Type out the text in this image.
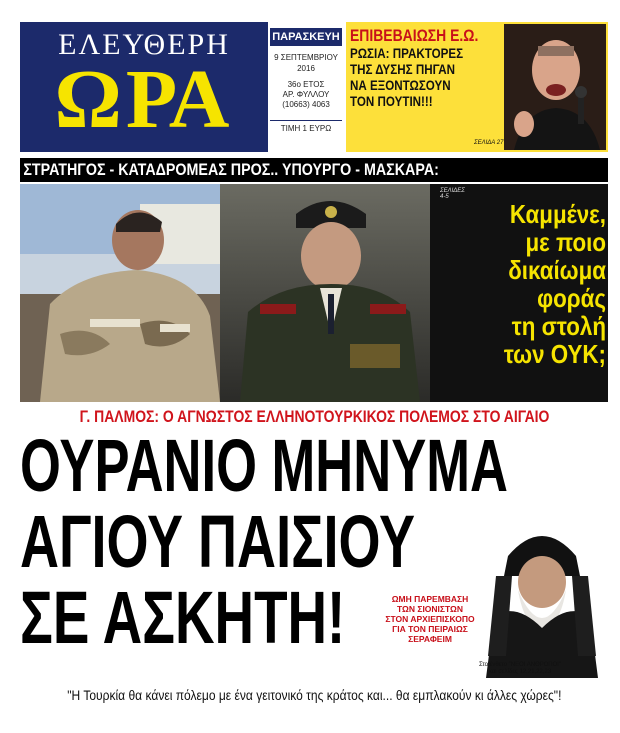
ΕΛΕΥΘΕΡΗ
ΩΡΑ
ΠΑΡΑΣΚΕΥΗ
9 ΣΕΠΤΕΜΒΡΙΟΥ
2016
36ο ΕΤΟΣ
ΑΡ. ΦΥΛΛΟΥ
(10663) 4063
ΤΙΜΗ 1 ΕΥΡΩ
ΕΠΙΒΕΒΑΙΩΣΗ Ε.Ω.
ΡΩΣΙΑ: ΠΡΑΚΤΟΡΕΣ
ΤΗΣ ΔΥΣΗΣ ΠΗΓΑΝ
ΝΑ ΕΞΟΝΤΩΣΟΥΝ
ΤΟΝ ΠΟΥΤΙΝ!!!
ΣΕΛΙΔΑ 27
ΣΤΡΑΤΗΓΟΣ - ΚΑΤΑΔΡΟΜΕΑΣ ΠΡΟΣ.. ΥΠΟΥΡΓΟ - ΜΑΣΚΑΡΑ:
ΣΕΛΙΔΕΣ 4-5
Καμμένε,
με ποιο
δικαίωμα
φοράς
τη στολή
των ΟΥΚ;
Γ. ΠΑΛΜΟΣ: Ο ΑΓΝΩΣΤΟΣ ΕΛΛΗΝΟΤΟΥΡΚΙΚΟΣ ΠΟΛΕΜΟΣ ΣΤΟ ΑΙΓΑΙΟ
ΟΥΡΑΝΙΟ ΜΗΝΥΜΑ
ΑΓΙΟΥ ΠΑΙΣΙΟΥ
ΣΕ ΑΣΚΗΤΗ!	ΩΜΗ ΠΑΡΕΜΒΑΣΗ
ΤΩΝ ΣΙΟΝΙΣΤΩΝ
ΣΤΟΝ ΑΡΧΙΕΠΙΣΚΟΠΟ
ΓΙΑ ΤΟΝ ΠΕΙΡΑΙΩΣ
ΣΕΡΑΦΕΙΜ
Στο ένθετο "ΝΕΟΙ ΑΝΘΡΩΠΟΙ"
και σελίδες 12,21,22,23
"Η Τουρκία θα κάνει πόλεμο με ένα γειτονικό της κράτος και... θα εμπλακούν κι άλλες χώρες"!
